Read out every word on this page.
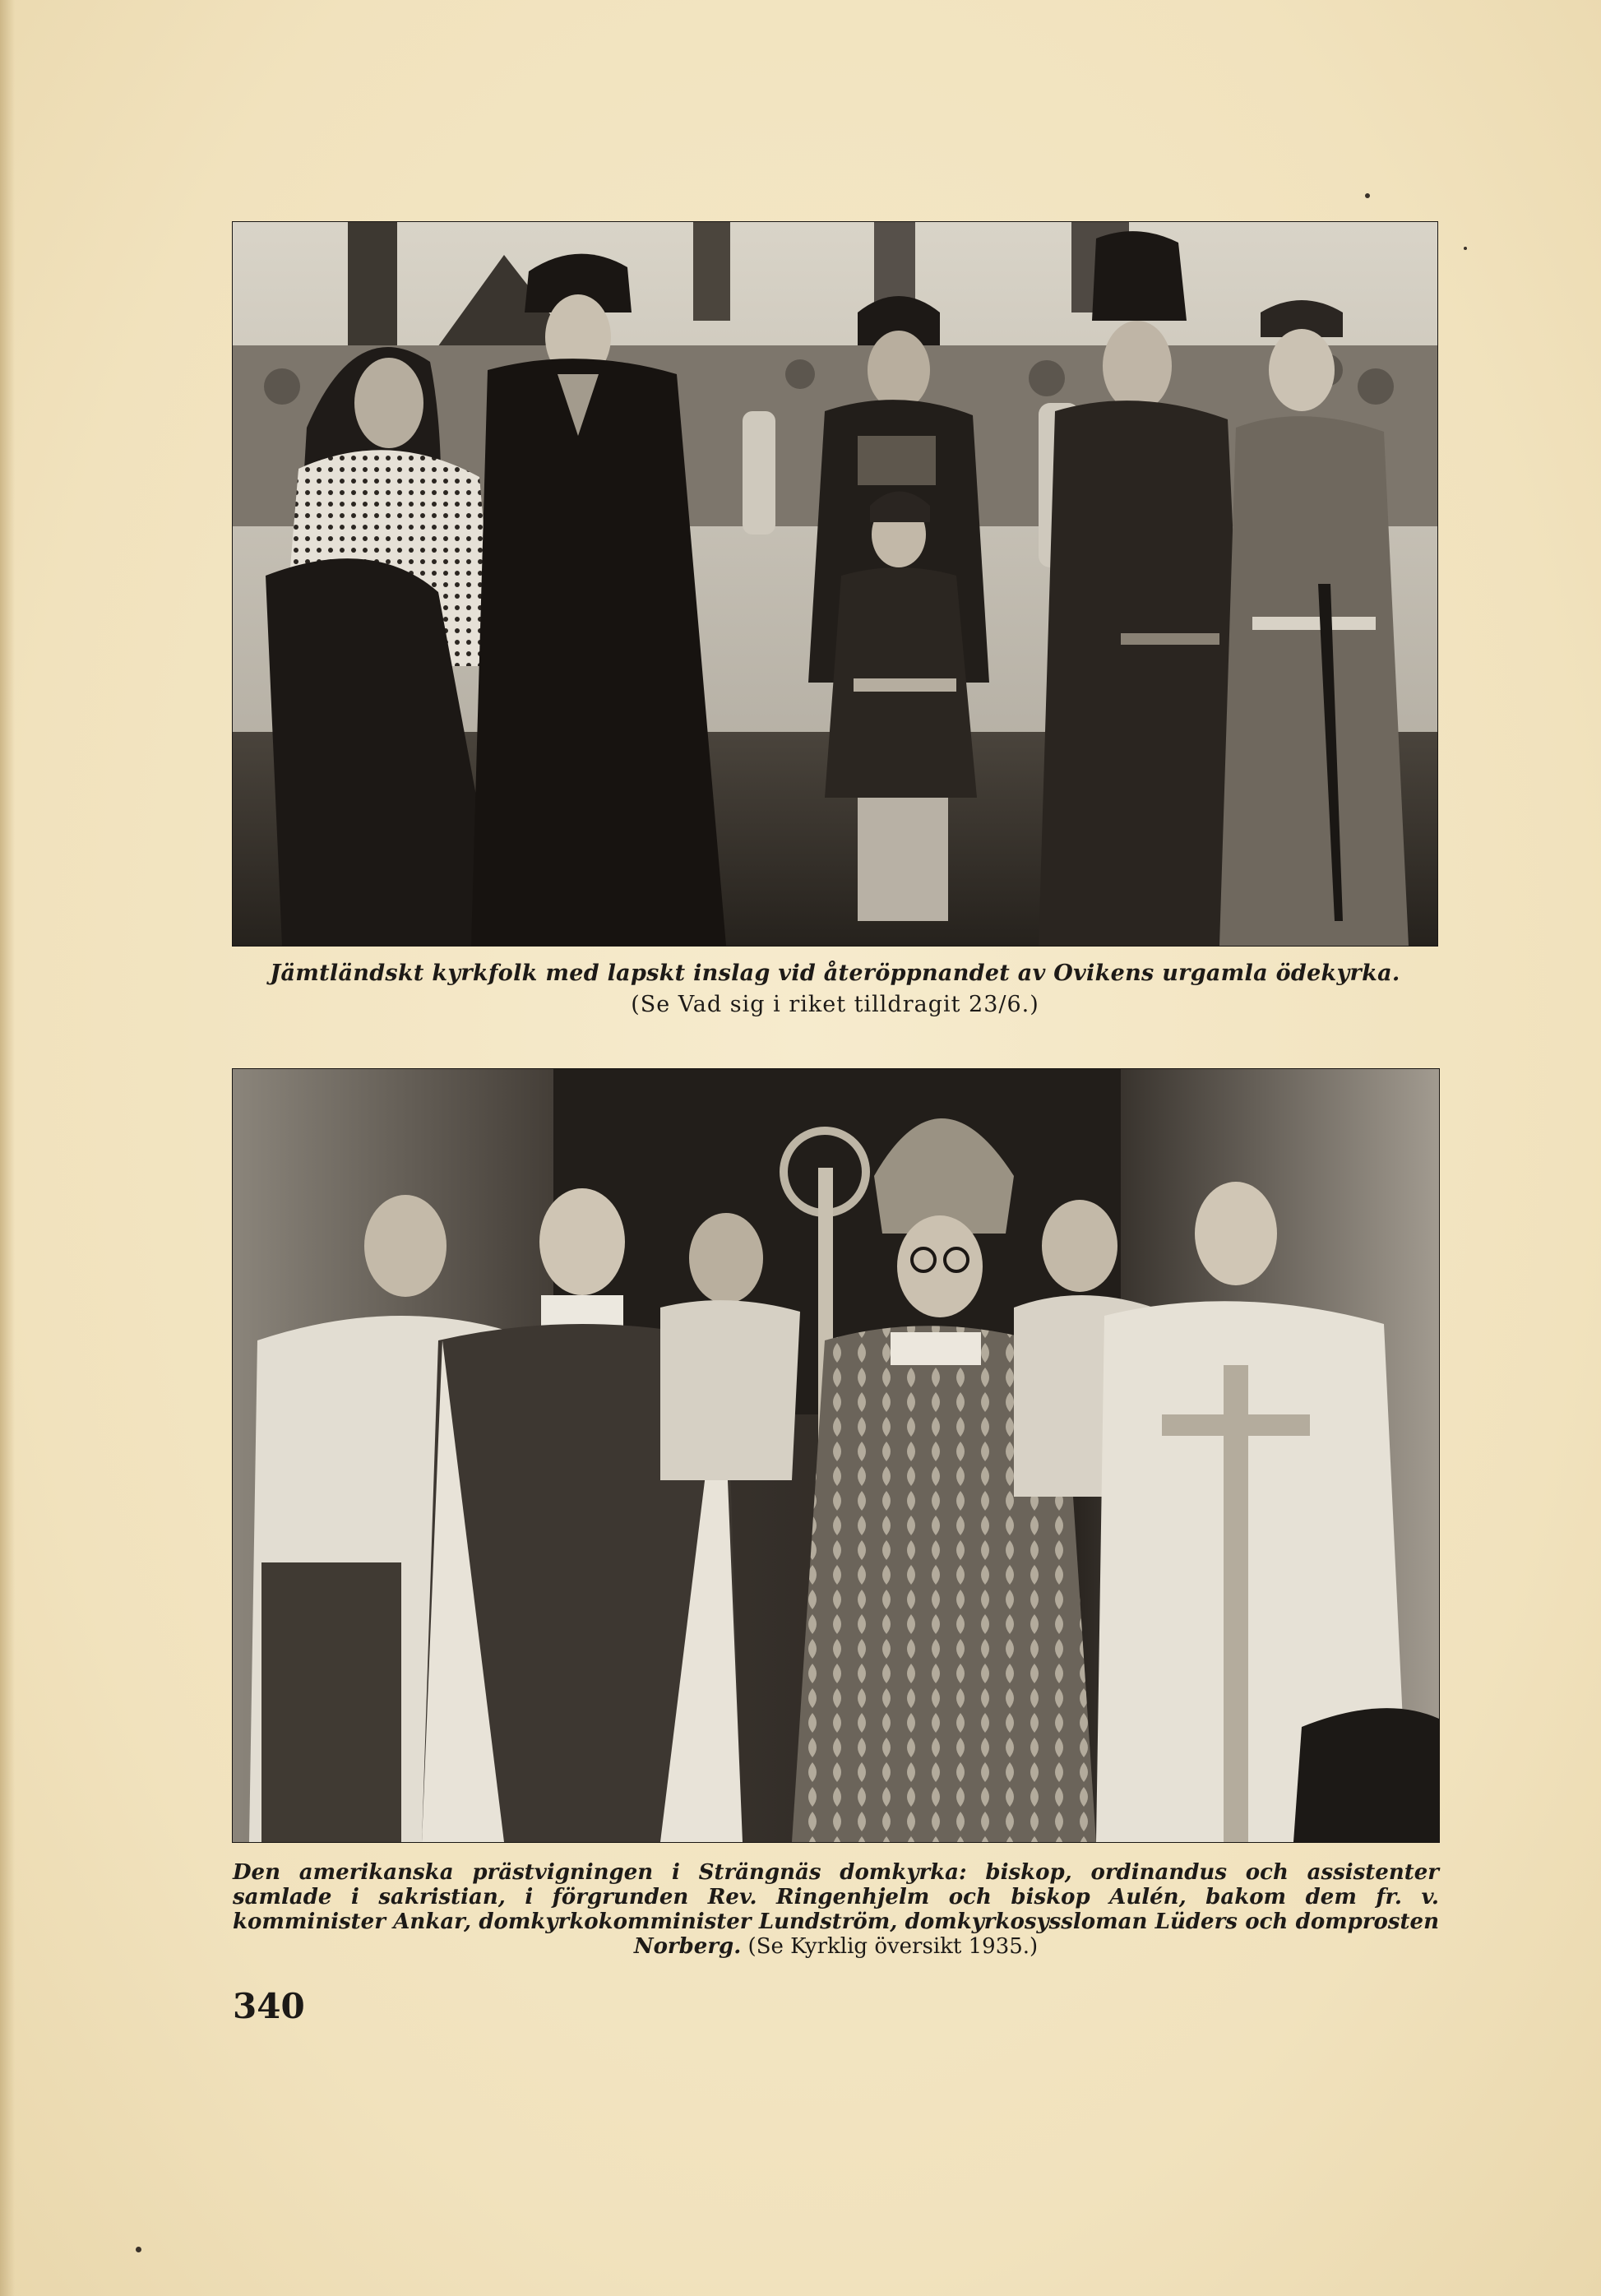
Jämtländskt kyrkfolk med lapskt inslag vid återöppnandet av Ovikens urgamla ödekyrka.
(Se Vad sig i riket tilldragit 23/6.)
Den amerikanska prästvigningen i Strängnäs domkyrka: biskop, ordinandus och assistenter samlade i sakristian, i förgrunden Rev. Ringenhjelm och biskop Aulén, bakom dem fr. v. komminister Ankar, domkyrkokomminister Lundström, domkyrkosyssloman Lüders och domprosten Norberg. (Se Kyrklig översikt 1935.)
340
